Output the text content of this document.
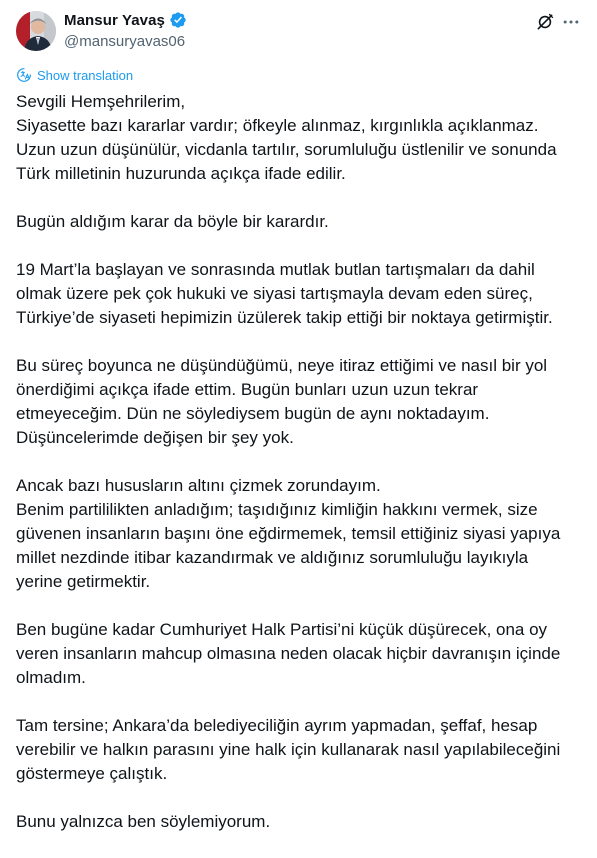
Mansur Yavaş
@mansuryavas06
Show translation
Sevgili Hemşehrilerim,
Siyasette bazı kararlar vardır; öfkeyle alınmaz, kırgınlıkla açıklanmaz.
Uzun uzun düşünülür, vicdanla tartılır, sorumluluğu üstlenilir ve sonunda
Türk milletinin huzurunda açıkça ifade edilir.
Bugün aldığım karar da böyle bir karardır.
19 Mart’la başlayan ve sonrasında mutlak butlan tartışmaları da dahil
olmak üzere pek çok hukuki ve siyasi tartışmayla devam eden süreç,
Türkiye’de siyaseti hepimizin üzülerek takip ettiği bir noktaya getirmiştir.
Bu süreç boyunca ne düşündüğümü, neye itiraz ettiğimi ve nasıl bir yol
önerdiğimi açıkça ifade ettim. Bugün bunları uzun uzun tekrar
etmeyeceğim. Dün ne söylediysem bugün de aynı noktadayım.
Düşüncelerimde değişen bir şey yok.
Ancak bazı hususların altını çizmek zorundayım.
Benim partililikten anladığım; taşıdığınız kimliğin hakkını vermek, size
güvenen insanların başını öne eğdirmemek, temsil ettiğiniz siyasi yapıya
millet nezdinde itibar kazandırmak ve aldığınız sorumluluğu layıkıyla
yerine getirmektir.
Ben bugüne kadar Cumhuriyet Halk Partisi’ni küçük düşürecek, ona oy
veren insanların mahcup olmasına neden olacak hiçbir davranışın içinde
olmadım.
Tam tersine; Ankara’da belediyeciliğin ayrım yapmadan, şeffaf, hesap
verebilir ve halkın parasını yine halk için kullanarak nasıl yapılabileceğini
göstermeye çalıştık.
Bunu yalnızca ben söylemiyorum.
